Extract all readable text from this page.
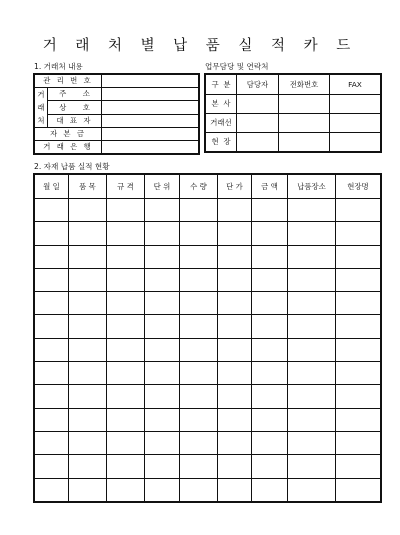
거 래 처 별 납 품 실 적 카 드
1. 거래처 내용
관 리 번 호		

거
래
처	주       소	
	상       호	
	대 표 자	
자 본 금		
거 래 은 행		
업무담당 및 연락처
구  분	담당자	전화번호	FAX
본  사			
거래선			
현  장			
2. 자재 납품 실적 현황
월 일	품 목	규 격	단 위	수 량	단 가	금 액	납품장소	현장명
